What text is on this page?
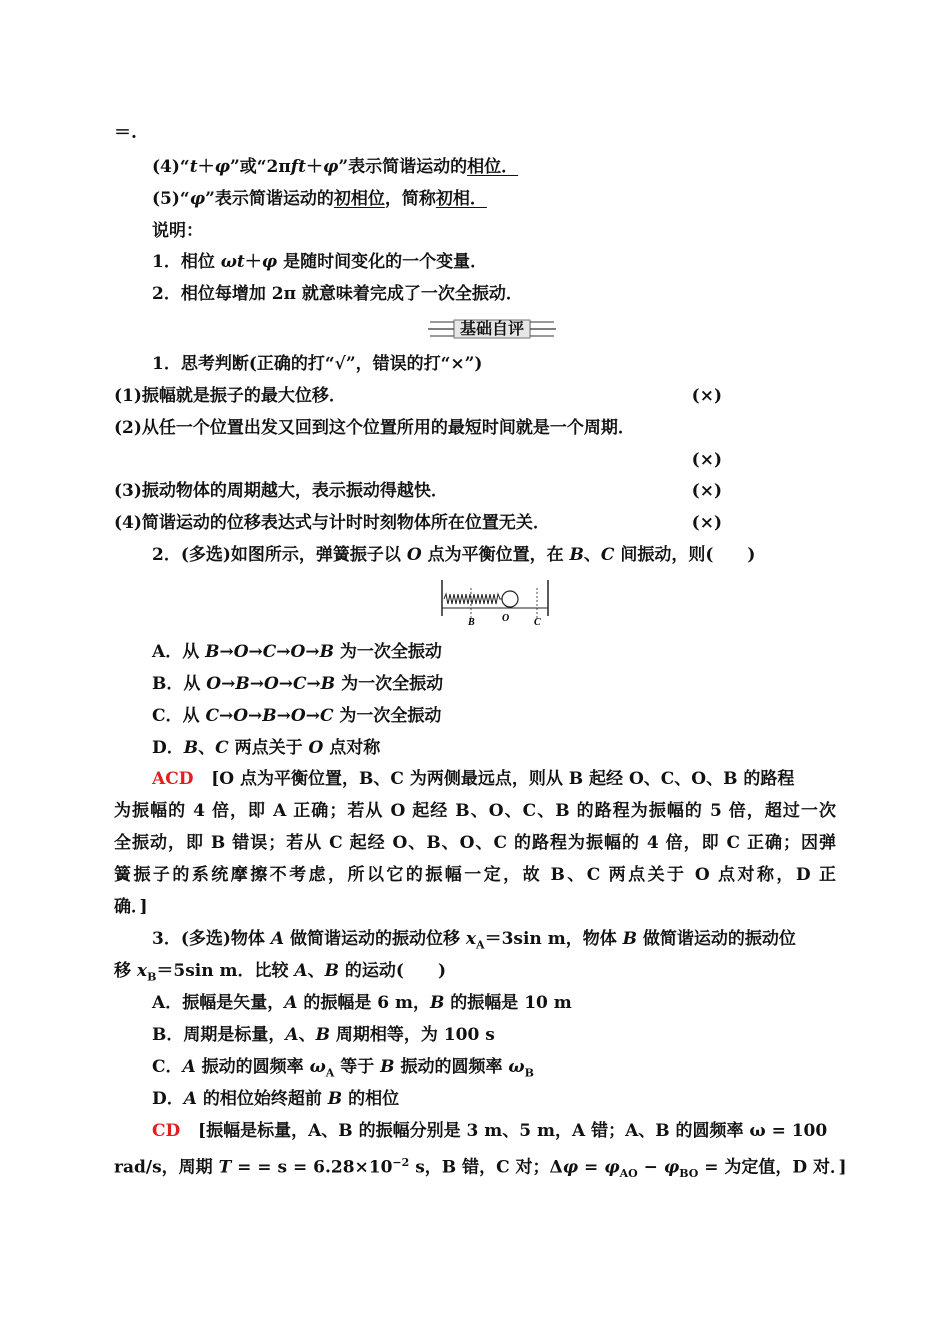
＝.
(4)“t＋φ”或“2πft＋φ”表示简谐运动的相位．
(5)“φ”表示简谐运动的初相位，简称初相．
说明：
1．相位 ωt＋φ 是随时间变化的一个变量．
2．相位每增加 2π 就意味着完成了一次全振动．
基础自评
1．思考判断(正确的打“√”，错误的打“×”)
(1)振幅就是振子的最大位移．	(×)
(2)从任一个位置出发又回到这个位置所用的最短时间就是一个周期．
(×)
(3)振动物体的周期越大，表示振动得越快．	(×)
(4)简谐运动的位移表达式与计时时刻物体所在位置无关．	(×)
2．(多选)如图所示，弹簧振子以 O 点为平衡位置，在 B、C 间振动，则(　　)
B	O C
A．从 B→O→C→O→B 为一次全振动
B．从 O→B→O→C→B 为一次全振动
C．从 C→O→B→O→C 为一次全振动
D．B、C 两点关于 O 点对称
ACD [O 点为平衡位置，B、C 为两侧最远点，则从 B 起经 O、C、O、B 的路程
为振幅的 4 倍，即 A 正确；若从 O 起经 B、O、C、B 的路程为振幅的 5 倍，超过一次
全振动，即 B 错误；若从 C 起经 O、B、O、C 的路程为振幅的 4 倍，即 C 正确；因弹
簧振子的系统摩擦不考虑，所以它的振幅一定，故 B、C 两点关于 O 点对称，D 正
确．]
3．(多选)物体 A 做简谐运动的振动位移 $x_A=3\sin$ m，物体 B 做简谐运动的振动位
移 $x_B=5\sin$ m．比较 A、B 的运动(　　)
A．振幅是矢量，A 的振幅是 6 m，B 的振幅是 10 m
B．周期是标量，A、B 周期相等，为 100 s
C．A 振动的圆频率 $\omega_A$ 等于 B 振动的圆频率 $\omega_B$
D．A 的相位始终超前 B 的相位
CD [振幅是标量，A、B 的振幅分别是 3 m、5 m，A 错；A、B 的圆频率 ω = 100
rad/s，周期 T = = $s = 6.28\times 10^{-2}$ s，B 错，C 对；$\Delta\varphi = \varphi_{AO} - \varphi_{BO}$ = 为定值，D 对．]
